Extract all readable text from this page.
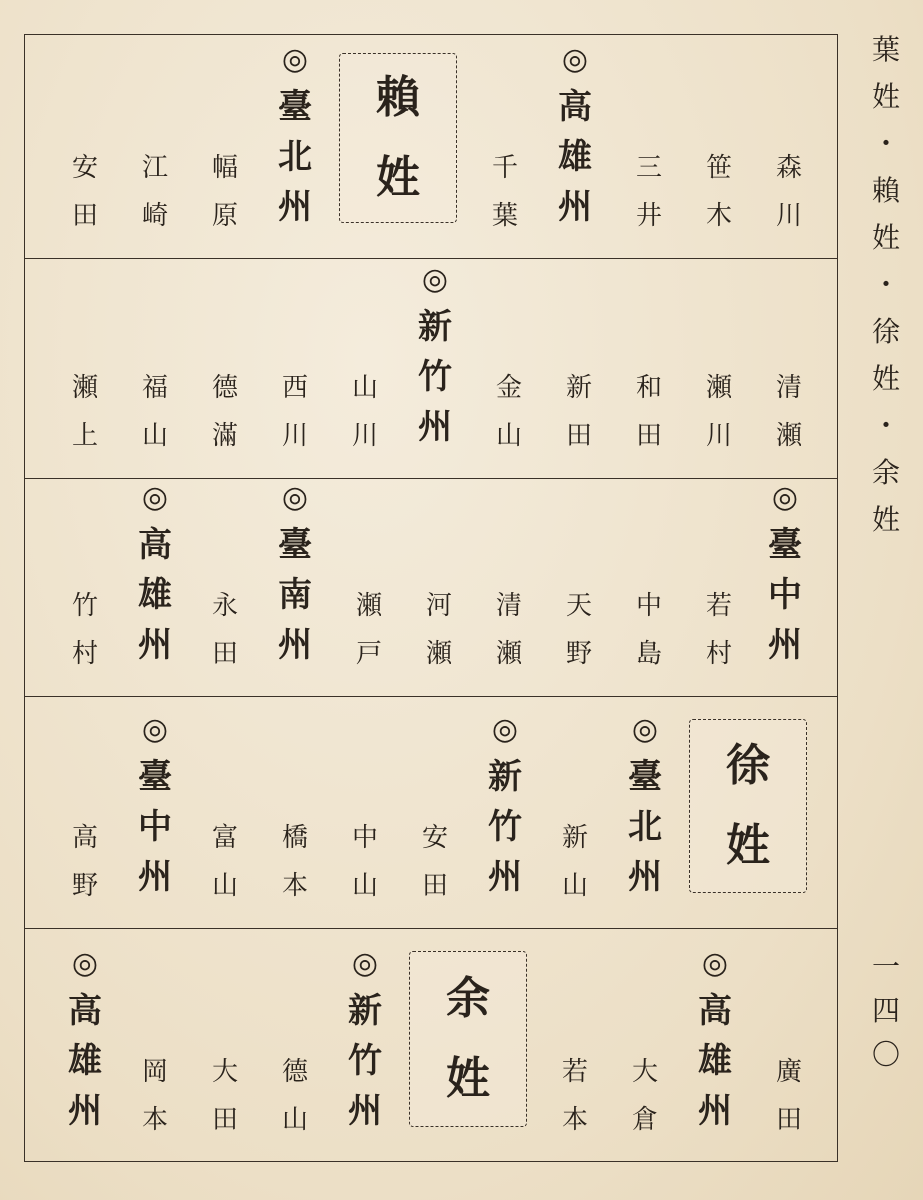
森
川
笹
木
三
井
◎
高
雄
州
千
葉
賴
姓
◎
臺
北
州
幅
原
江
崎
安
田
清
瀬
瀬
川
和
田
新
田
金
山
◎
新
竹
州
山
川
西
川
德
滿
福
山
瀬
上
◎
臺
中
州
若
村
中
島
天
野
清
瀬
河
瀬
瀬
戸
◎
臺
南
州
永
田
◎
高
雄
州
竹
村
徐
姓
◎
臺
北
州
新
山
◎
新
竹
州
安
田
中
山
橋
本
富
山
◎
臺
中
州
高
野
廣
田
◎
高
雄
州
大
倉
若
本
余
姓
◎
新
竹
州
德
山
大
田
岡
本
◎
高
雄
州
葉
姓
・
賴
姓
・
徐
姓
・
余
姓
一
四
〇
